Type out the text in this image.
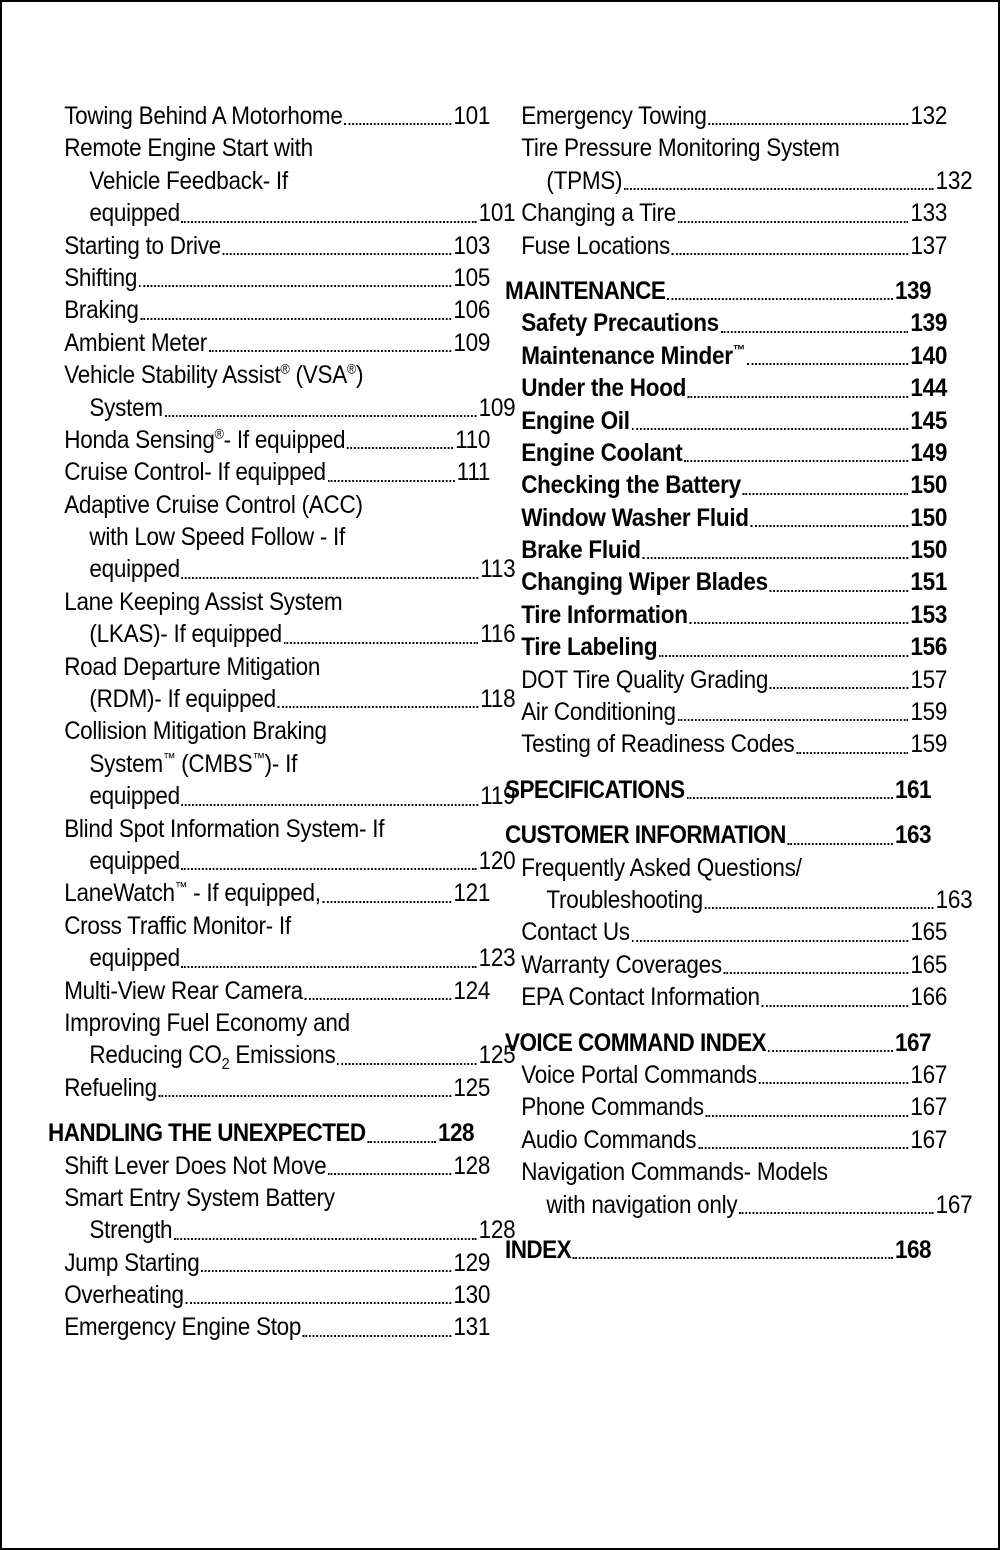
Towing Behind A Motorhome	101
Remote Engine Start with
Vehicle Feedback- If
equipped	101
Starting to Drive	103
Shifting	105
Braking	106
Ambient Meter	109
Vehicle Stability Assist® (VSA®)
System	109
Honda Sensing®- If equipped	110
Cruise Control- If equipped	111
Adaptive Cruise Control (ACC)
with Low Speed Follow - If
equipped	113
Lane Keeping Assist System
(LKAS)- If equipped	116
Road Departure Mitigation
(RDM)- If equipped	118
Collision Mitigation Braking
System™ (CMBS™)- If
equipped	119
Blind Spot Information System- If
equipped	120
LaneWatch™ - If equipped,	121
Cross Traffic Monitor- If
equipped	123
Multi-View Rear Camera	124
Improving Fuel Economy and
Reducing $CO_2$ Emissions	125
Refueling	125
HANDLING THE UNEXPECTED	128
Shift Lever Does Not Move	128
Smart Entry System Battery
Strength	128
Jump Starting	129
Overheating	130
Emergency Engine Stop	131
Emergency Towing	132
Tire Pressure Monitoring System
(TPMS)	132
Changing a Tire	133
Fuse Locations	137
MAINTENANCE	139
Safety Precautions	139
Maintenance Minder™	140
Under the Hood	144
Engine Oil	145
Engine Coolant	149
Checking the Battery	150
Window Washer Fluid	150
Brake Fluid	150
Changing Wiper Blades	151
Tire Information	153
Tire Labeling	156
DOT Tire Quality Grading	157
Air Conditioning	159
Testing of Readiness Codes	159
SPECIFICATIONS	161
CUSTOMER INFORMATION	163
Frequently Asked Questions/
Troubleshooting	163
Contact Us	165
Warranty Coverages	165
EPA Contact Information	166
VOICE COMMAND INDEX	167
Voice Portal Commands	167
Phone Commands	167
Audio Commands	167
Navigation Commands- Models
with navigation only	167
INDEX	168
